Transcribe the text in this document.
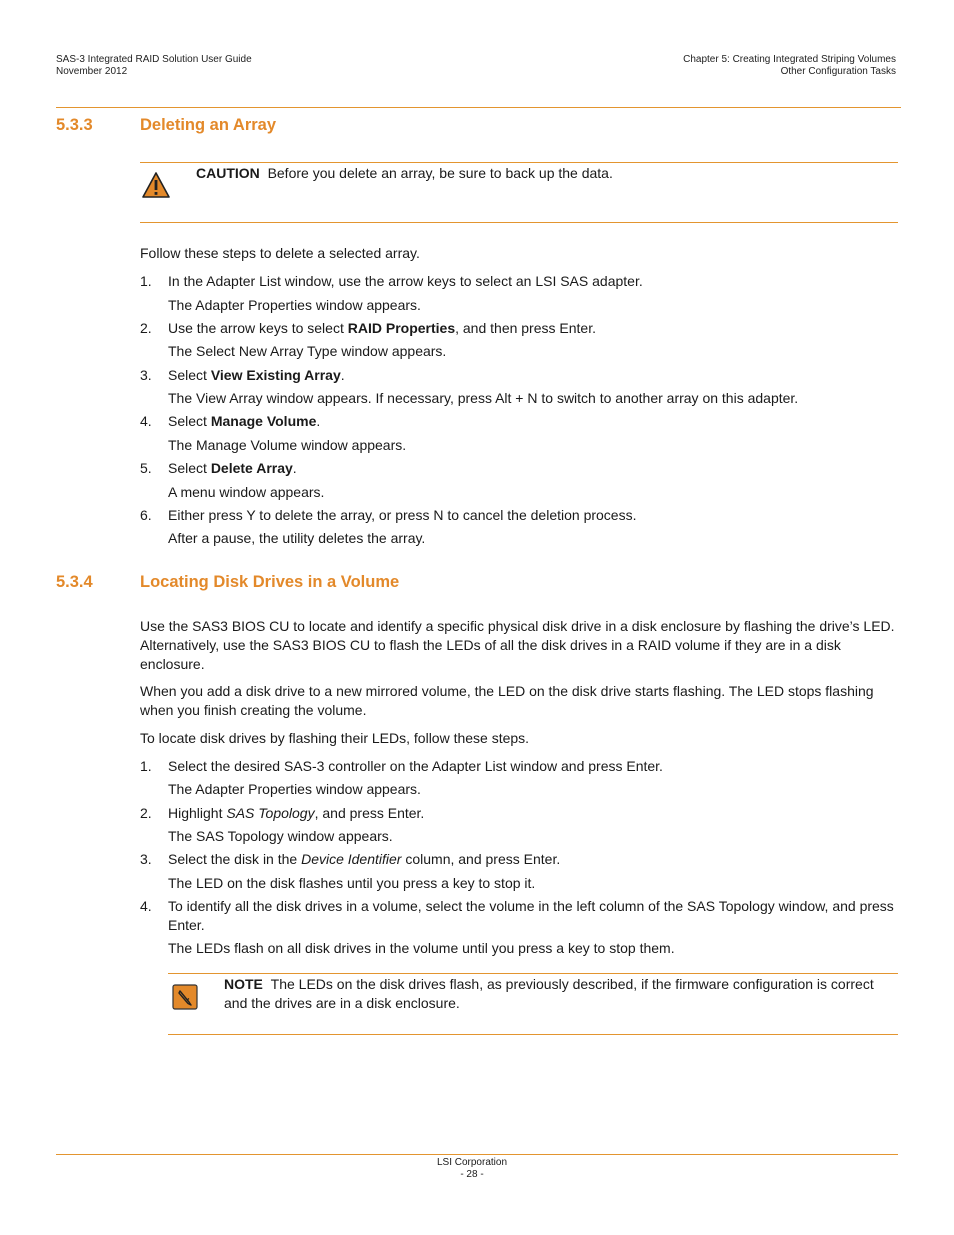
SAS-3 Integrated RAID Solution User Guide
November 2012
Chapter 5: Creating Integrated Striping Volumes
Other Configuration Tasks
5.3.3	Deleting an Array
CAUTION Before you delete an array, be sure to back up the data.
Follow these steps to delete a selected array.
1. In the Adapter List window, use the arrow keys to select an LSI SAS adapter.
The Adapter Properties window appears.
2. Use the arrow keys to select RAID Properties, and then press Enter.
The Select New Array Type window appears.
3. Select View Existing Array.
The View Array window appears. If necessary, press Alt + N to switch to another array on this adapter.
4. Select Manage Volume.
The Manage Volume window appears.
5. Select Delete Array.
A menu window appears.
6. Either press Y to delete the array, or press N to cancel the deletion process.
After a pause, the utility deletes the array.
5.3.4	Locating Disk Drives in a Volume
Use the SAS3 BIOS CU to locate and identify a specific physical disk drive in a disk enclosure by flashing the drive’s LED. Alternatively, use the SAS3 BIOS CU to flash the LEDs of all the disk drives in a RAID volume if they are in a disk enclosure.
When you add a disk drive to a new mirrored volume, the LED on the disk drive starts flashing. The LED stops flashing when you finish creating the volume.
To locate disk drives by flashing their LEDs, follow these steps.
1. Select the desired SAS-3 controller on the Adapter List window and press Enter.
The Adapter Properties window appears.
2. Highlight SAS Topology, and press Enter.
The SAS Topology window appears.
3. Select the disk in the Device Identifier column, and press Enter.
The LED on the disk flashes until you press a key to stop it.
4. To identify all the disk drives in a volume, select the volume in the left column of the SAS Topology window, and press Enter.
The LEDs flash on all disk drives in the volume until you press a key to stop them.
NOTE The LEDs on the disk drives flash, as previously described, if the firmware configuration is correct and the drives are in a disk enclosure.
LSI Corporation
- 28 -
